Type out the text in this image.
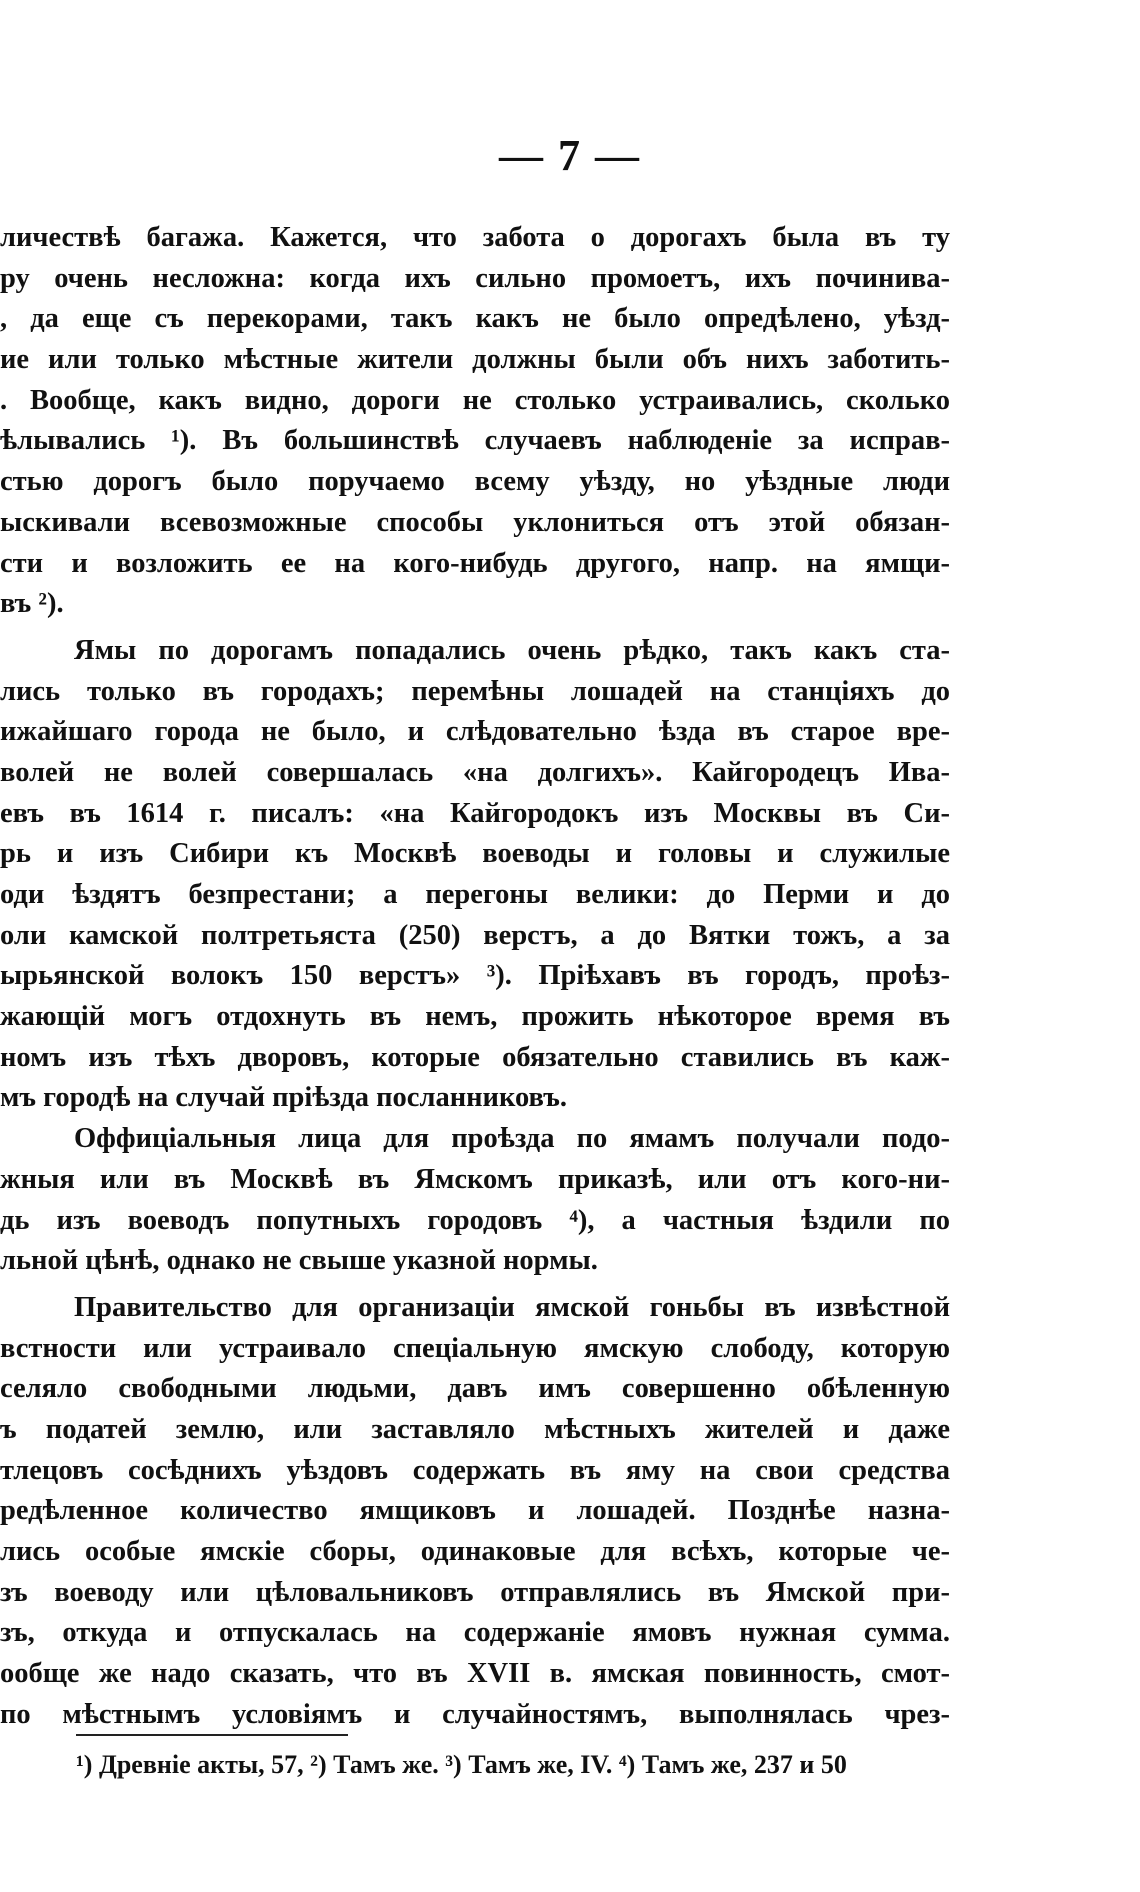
— 7 —
личествѣ багажа. Кажется, что забота о дорогахъ была въ ту
ру очень несложна: когда ихъ сильно промоетъ, ихъ починива-
, да еще съ перекорами, такъ какъ не было опредѣлено, уѣзд-
ие или только мѣстные жители должны были объ нихъ заботить-
. Вообще, какъ видно, дороги не столько устраивались, сколько
ѣлывались ¹). Въ большинствѣ случаевъ наблюденіе за исправ-
стью дорогъ было поручаемо всему уѣзду, но уѣздные люди
ыскивали всевозможные способы уклониться отъ этой обязан-
сти и возложить ее на кого-нибудь другого, напр. на ямщи-
въ ²).
Ямы по дорогамъ попадались очень рѣдко, такъ какъ ста-
лись только въ городахъ; перемѣны лошадей на станціяхъ до
ижайшаго города не было, и слѣдовательно ѣзда въ старое вре-
волей не волей совершалась «на долгихъ». Кайгородецъ Ива-
евъ въ 1614 г. писалъ: «на Кайгородокъ изъ Москвы въ Си-
рь и изъ Сибири къ Москвѣ воеводы и головы и служилые
оди ѣздятъ безпрестани; а перегоны велики: до Перми и до
оли камской полтретьяста (250) верстъ, а до Вятки тожъ, а за
ырьянской волокъ 150 верстъ» ³). Пріѣхавъ въ городъ, проѣз-
жающій могъ отдохнуть въ немъ, прожить нѣкоторое время въ
номъ изъ тѣхъ дворовъ, которые обязательно ставились въ каж-
мъ городѣ на случай пріѣзда посланниковъ.
Оффиціальныя лица для проѣзда по ямамъ получали подо-
жныя или въ Москвѣ въ Ямскомъ приказѣ, или отъ кого-ни-
дь изъ воеводъ попутныхъ городовъ ⁴), а частныя ѣздили по
льной цѣнѣ, однако не свыше указной нормы.
Правительство для организаціи ямской гоньбы въ извѣстной
встности или устраивало спеціальную ямскую слободу, которую
селяло свободными людьми, давъ имъ совершенно обѣленную
ъ податей землю, или заставляло мѣстныхъ жителей и даже
тлецовъ сосѣднихъ уѣздовъ содержать въ яму на свои средства
редѣленное количество ямщиковъ и лошадей. Позднѣе назна-
лись особые ямскіе сборы, одинаковые для всѣхъ, которые че-
зъ воеводу или цѣловальниковъ отправлялись въ Ямской при-
зъ, откуда и отпускалась на содержаніе ямовъ нужная сумма.
ообще же надо сказать, что въ XVII в. ямская повинность, смот-
по мѣстнымъ условіямъ и случайностямъ, выполнялась чрез-
¹) Древніе акты, 57, ²) Тамъ же. ³) Тамъ же, IV. ⁴) Тамъ же, 237 и 50
